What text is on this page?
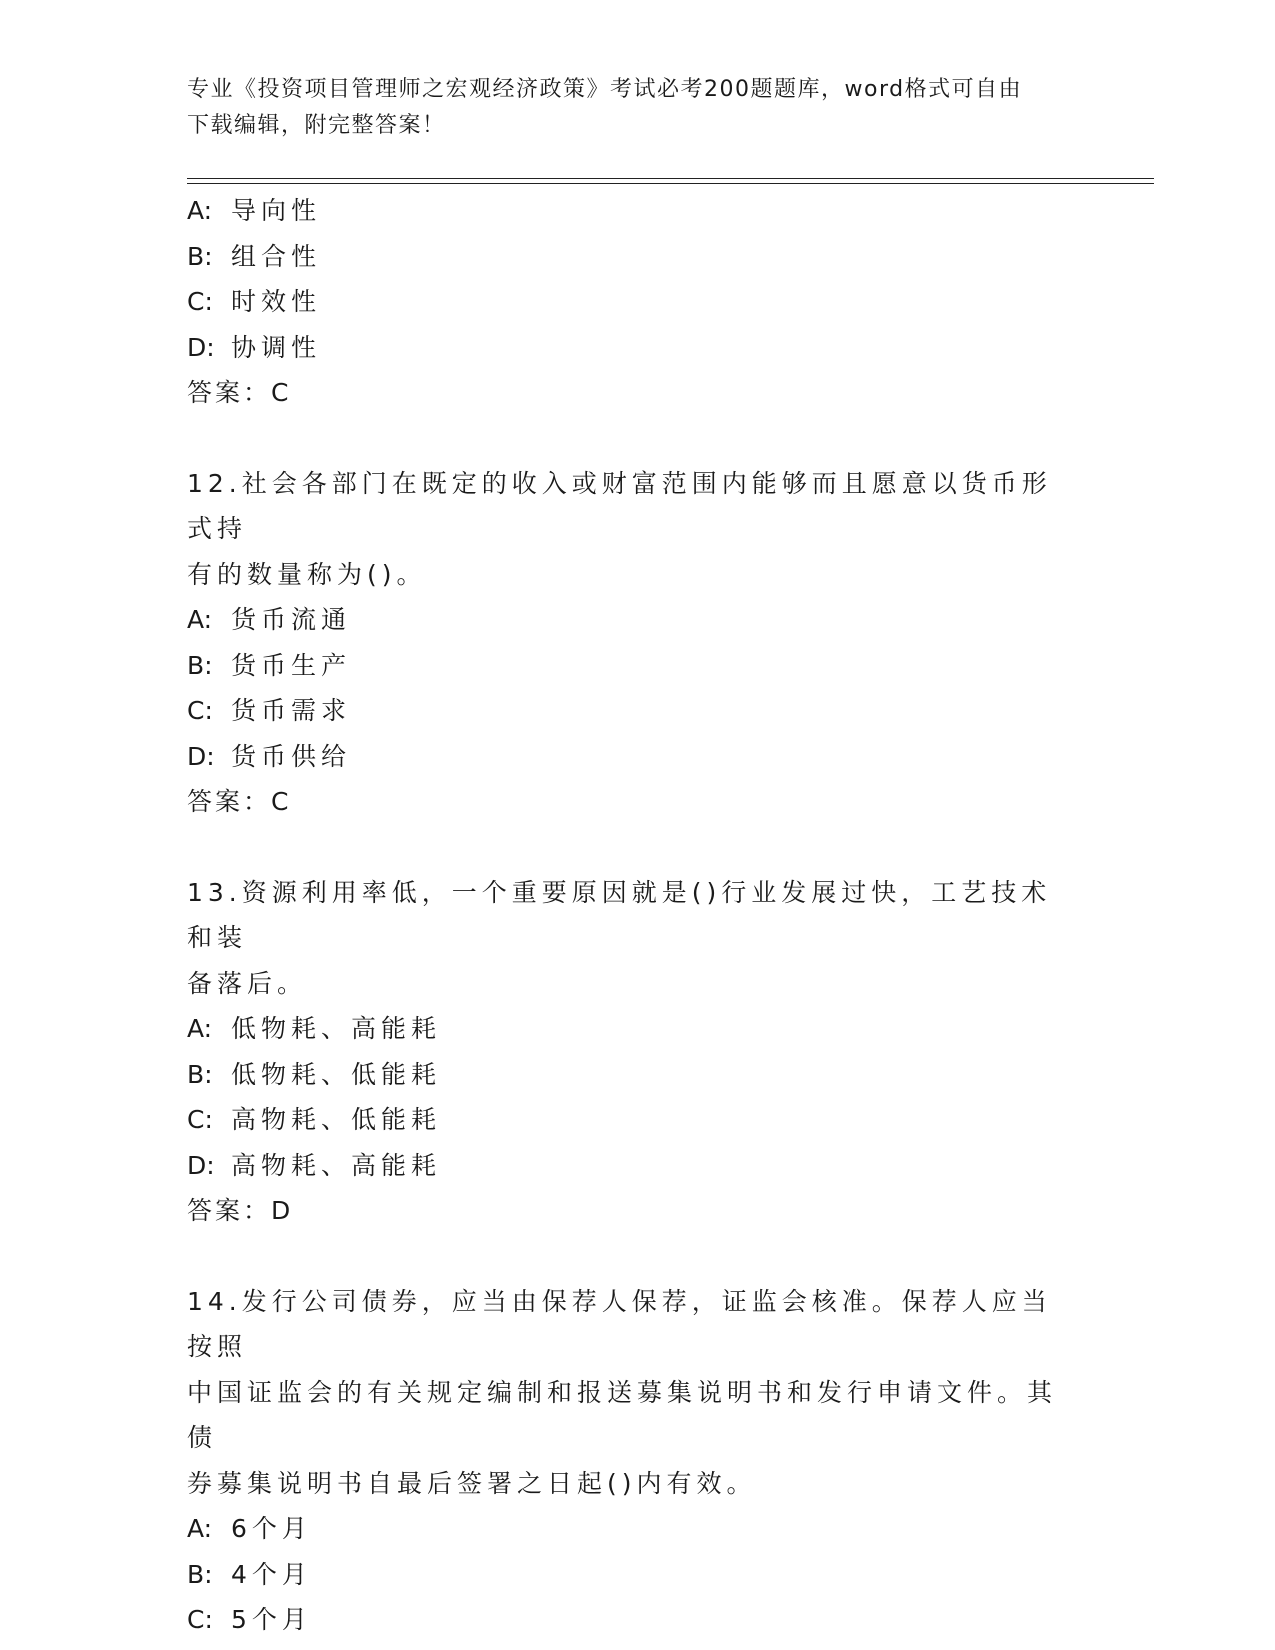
专业《投资项目管理师之宏观经济政策》考试必考200题题库，word格式可自由
下载编辑，附完整答案！
A: 导向性
B: 组合性
C: 时效性
D: 协调性
答案：C
12.社会各部门在既定的收入或财富范围内能够而且愿意以货币形式持
有的数量称为()。
A: 货币流通
B: 货币生产
C: 货币需求
D: 货币供给
答案：C
13.资源利用率低，一个重要原因就是()行业发展过快，工艺技术和装
备落后。
A: 低物耗、高能耗
B: 低物耗、低能耗
C: 高物耗、低能耗
D: 高物耗、高能耗
答案：D
14.发行公司债券，应当由保荐人保荐，证监会核准。保荐人应当按照
中国证监会的有关规定编制和报送募集说明书和发行申请文件。其债
券募集说明书自最后签署之日起()内有效。
A: 6个月
B: 4个月
C: 5个月
